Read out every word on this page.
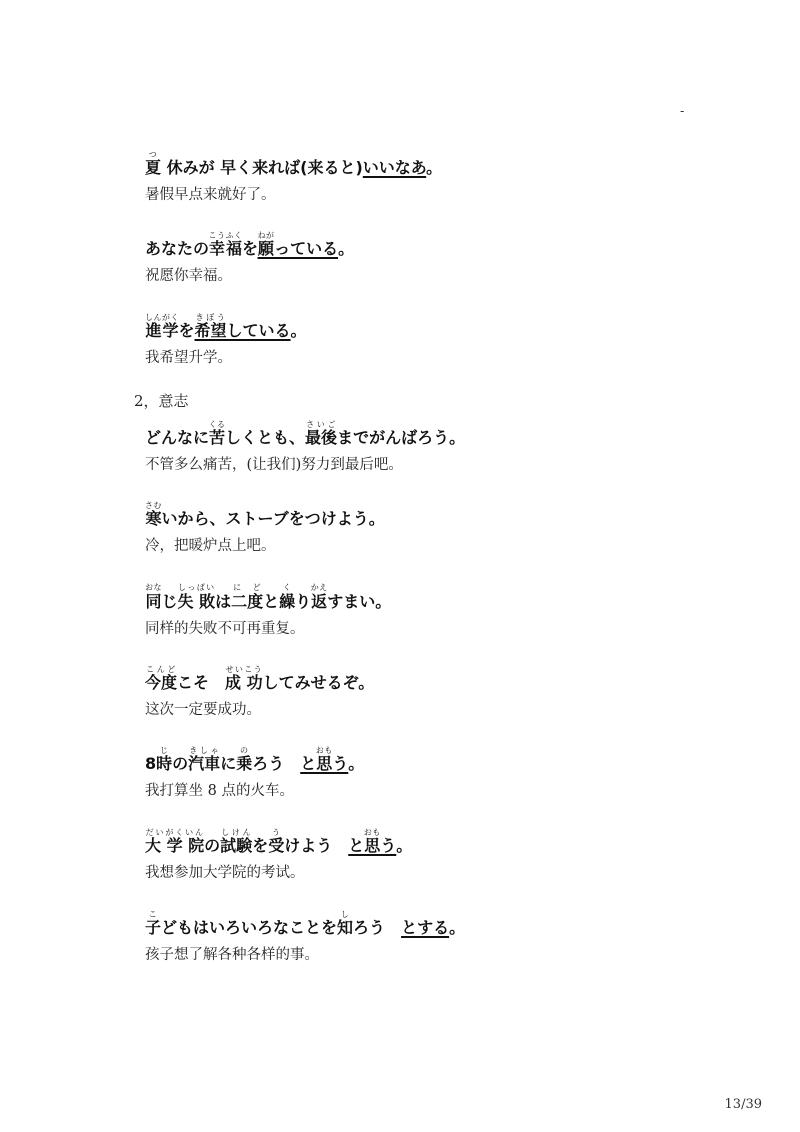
-
夏つ 休みが 早く来れば(来ると)いいなあ。
暑假早点来就好了。
あなたの幸福こうふくを願ねがっている。
祝愿你幸福。
進学しんがくを希望きぼうしている。
我希望升学。
2，意志
どんなに苦くるしくとも、最後さいごまでがんばろう。
不管多么痛苦，(让我们)努力到最后吧。
寒さむいから、ストーブをつけよう。
冷，把暖炉点上吧。
同おなじ失 敗しっぱいは二度に どと繰くり返かえすまい。
同样的失败不可再重复。
今度こんどこそ　成 功せいこうしてみせるぞ。
这次一定要成功。
8時じの汽車きしゃに乗のろう　と思おもう。
我打算坐 8 点的火车。
大 学 院だいがくいんの試験しけんを受うけよう　と思おもう。
我想参加大学院的考试。
子こどもはいろいろなことを知しろう　とする。
孩子想了解各种各样的事。
13/39
